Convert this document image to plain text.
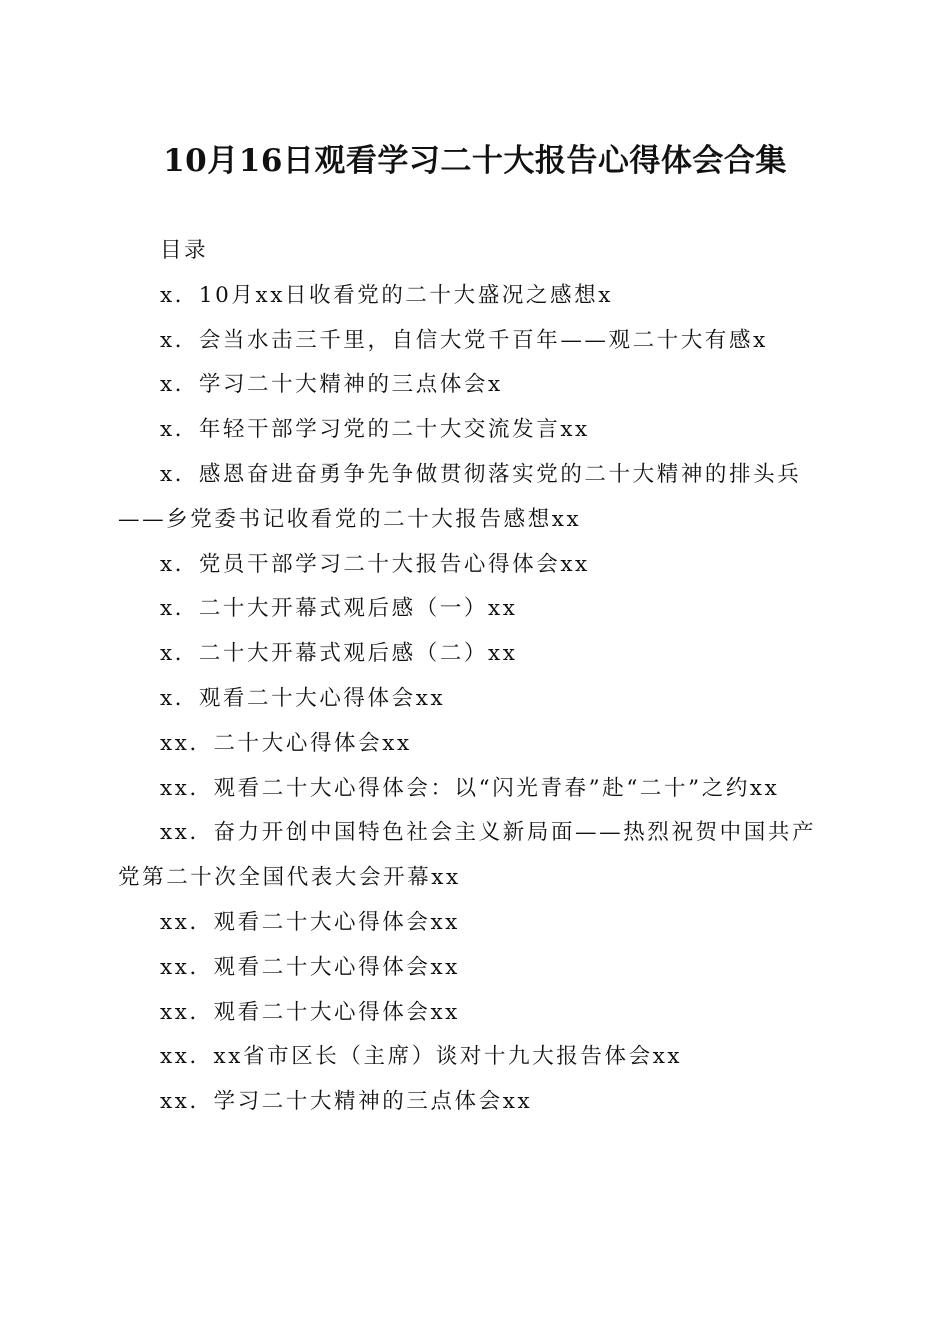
10月16日观看学习二十大报告心得体会合集

目录

x．10月xx日收看党的二十大盛况之感想x

x．会当水击三千里，自信大党千百年——观二十大有感x

x．学习二十大精神的三点体会x

x．年轻干部学习党的二十大交流发言xx

x．感恩奋进奋勇争先争做贯彻落实党的二十大精神的排头兵——乡党委书记收看党的二十大报告感想xx

x．党员干部学习二十大报告心得体会xx

x．二十大开幕式观后感（一）xx

x．二十大开幕式观后感（二）xx

x．观看二十大心得体会xx

xx．二十大心得体会xx

xx．观看二十大心得体会：以“闪光青春”赴“二十”之约xx

xx．奋力开创中国特色社会主义新局面——热烈祝贺中国共产党第二十次全国代表大会开幕xx

xx．观看二十大心得体会xx

xx．观看二十大心得体会xx

xx．观看二十大心得体会xx

xx．xx省市区长（主席）谈对十九大报告体会xx

xx．学习二十大精神的三点体会xx
